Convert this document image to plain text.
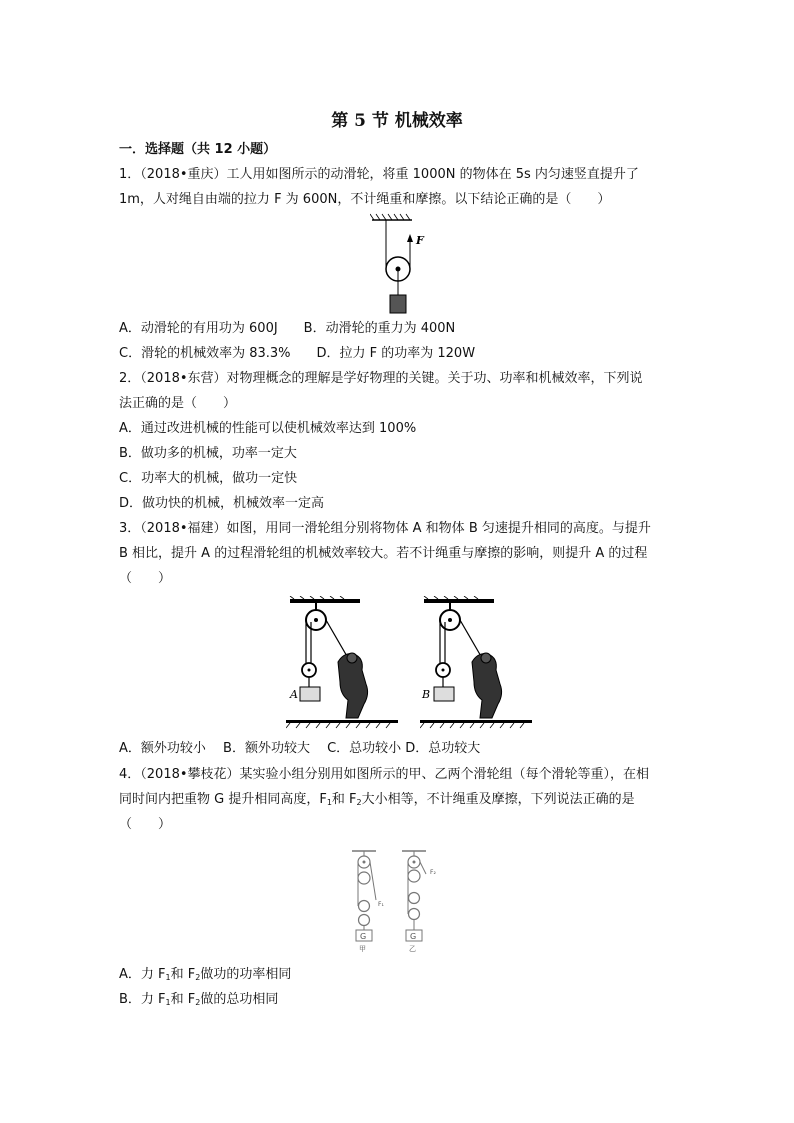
第 5 节 机械效率
一．选择题（共 12 小题）
1．（2018•重庆）工人用如图所示的动滑轮，将重 1000N 的物体在 5s 内匀速竖直提升了
1m，人对绳自由端的拉力 F 为 600N，不计绳重和摩擦。以下结论正确的是（　　）
F
A．动滑轮的有用功为 600J　　B．动滑轮的重力为 400N
C．滑轮的机械效率为 83.3%　　D．拉力 F 的功率为 120W
2．（2018•东营）对物理概念的理解是学好物理的关键。关于功、功率和机械效率，下列说
法正确的是（　　）
A．通过改进机械的性能可以使机械效率达到 100%
B．做功多的机械，功率一定大
C．功率大的机械，做功一定快
D．做功快的机械，机械效率一定高
3．（2018•福建）如图，用同一滑轮组分别将物体 A 和物体 B 匀速提升相同的高度。与提升
B 相比，提升 A 的过程滑轮组的机械效率较大。若不计绳重与摩擦的影响，则提升 A 的过程
（　　）
A	B
A．额外功较小　 B．额外功较大　 C．总功较小 D．总功较大
4．（2018•攀枝花）某实验小组分别用如图所示的甲、乙两个滑轮组（每个滑轮等重），在相
同时间内把重物 G 提升相同高度，$F_1$和 $F_2$大小相等，不计绳重及摩擦，下列说法正确的是
（　　）
G
F₁
甲
G
F₂
乙
A．力 $F_1$和 $F_2$做功的功率相同
B．力 $F_1$和 $F_2$做的总功相同
